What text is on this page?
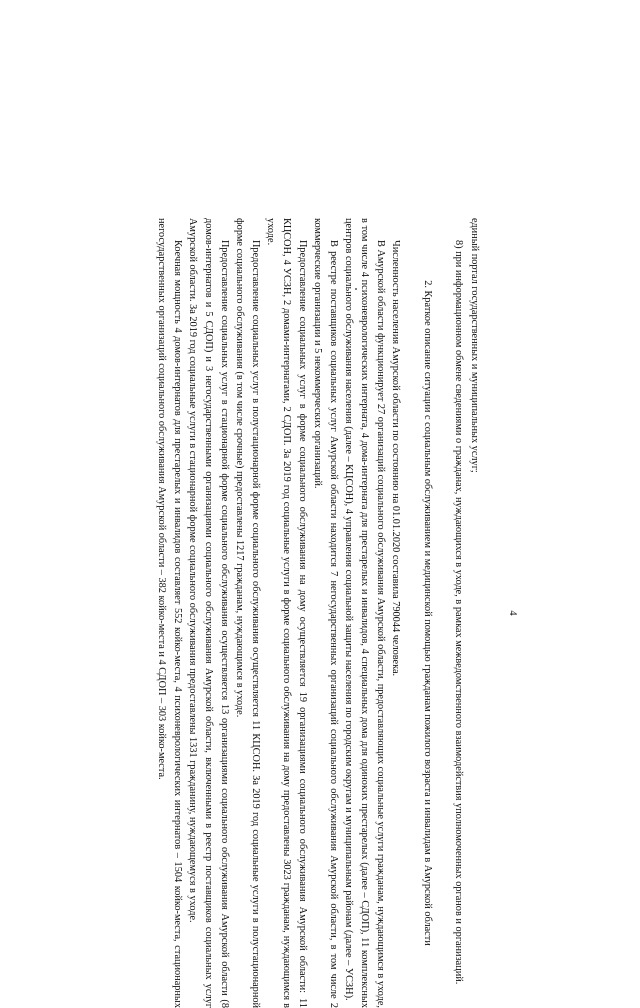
4

единый портал государственных и муниципальных услуг;

8) при информационном обмене сведениями о гражданах, нуждающихся в уходе, в рамках межведомственного взаимодействия уполномоченных органов и организаций.

2. Краткое описание ситуации с социальным обслуживанием и медицинской помощью гражданам пожилого возраста и инвалидам в Амурской области

Численность населения Амурской области по состоянию на 01.01.2020 составила 790044 человека.

В Амурской области функционирует 27 организаций социального обслуживания Амурской области, предоставляющих социальные услуги гражданам, нуждающимся в уходе, в том числе 4 психоневрологических интерната, 4 дома-интерната для престарелых и инвалидов, 4 специальных дома для одиноких престарелых (далее – СДОП), 11 комплексных центров социального обслуживания населения (далее – КЦСОН), 4 управления социальной защиты населения по городским округам и муниципальным районам (далее – УСЗН).

В реестре поставщиков социальных услуг Амурской области находится 7 негосударственных организаций социального обслуживания Амурской области, в том числе 2 коммерческие организации и 5 некоммерческих организаций.

Предоставление социальных услуг в форме социального обслуживания на дому осуществляется 19 организациями социального обслуживания Амурской области: 11 КЦСОН, 4 УСЗН, 2 домами-интернатами, 2 СДОП. За 2019 год социальные услуги в форме социального обслуживания на дому предоставлены 3023 гражданам, нуждающимся в уходе.

Предоставление социальных услуг в полустационарной форме социального обслуживания осуществляется 11 КЦСОН. За 2019 год социальные услуги в полустационарной форме социального обслуживания (в том числе срочные) предоставлены 1217 гражданам, нуждающимся в уходе.

Предоставление социальных услуг в стационарной форме социального обслуживания осуществляется 13 организациями социального обслуживания Амурской области (8 домов-интернатов и 5 СДОП) и 3 негосударственными организациями социального обслуживания Амурской области, включенными в реестр поставщиков социальных услуг Амурской области. За 2019 год социальные услуги в стационарной форме социального обслуживания предоставлены 1331 гражданину, нуждающемуся в уходе.

Коечная мощность 4 домов-интернатов для престарелых и инвалидов составляет 552 койко-места, 4 психоневрологических интернатов – 1504 койко-места, стационарных негосударственных организаций социального обслуживания Амурской области – 382 койко-места и 4 СДОП – 303 койко-места.
